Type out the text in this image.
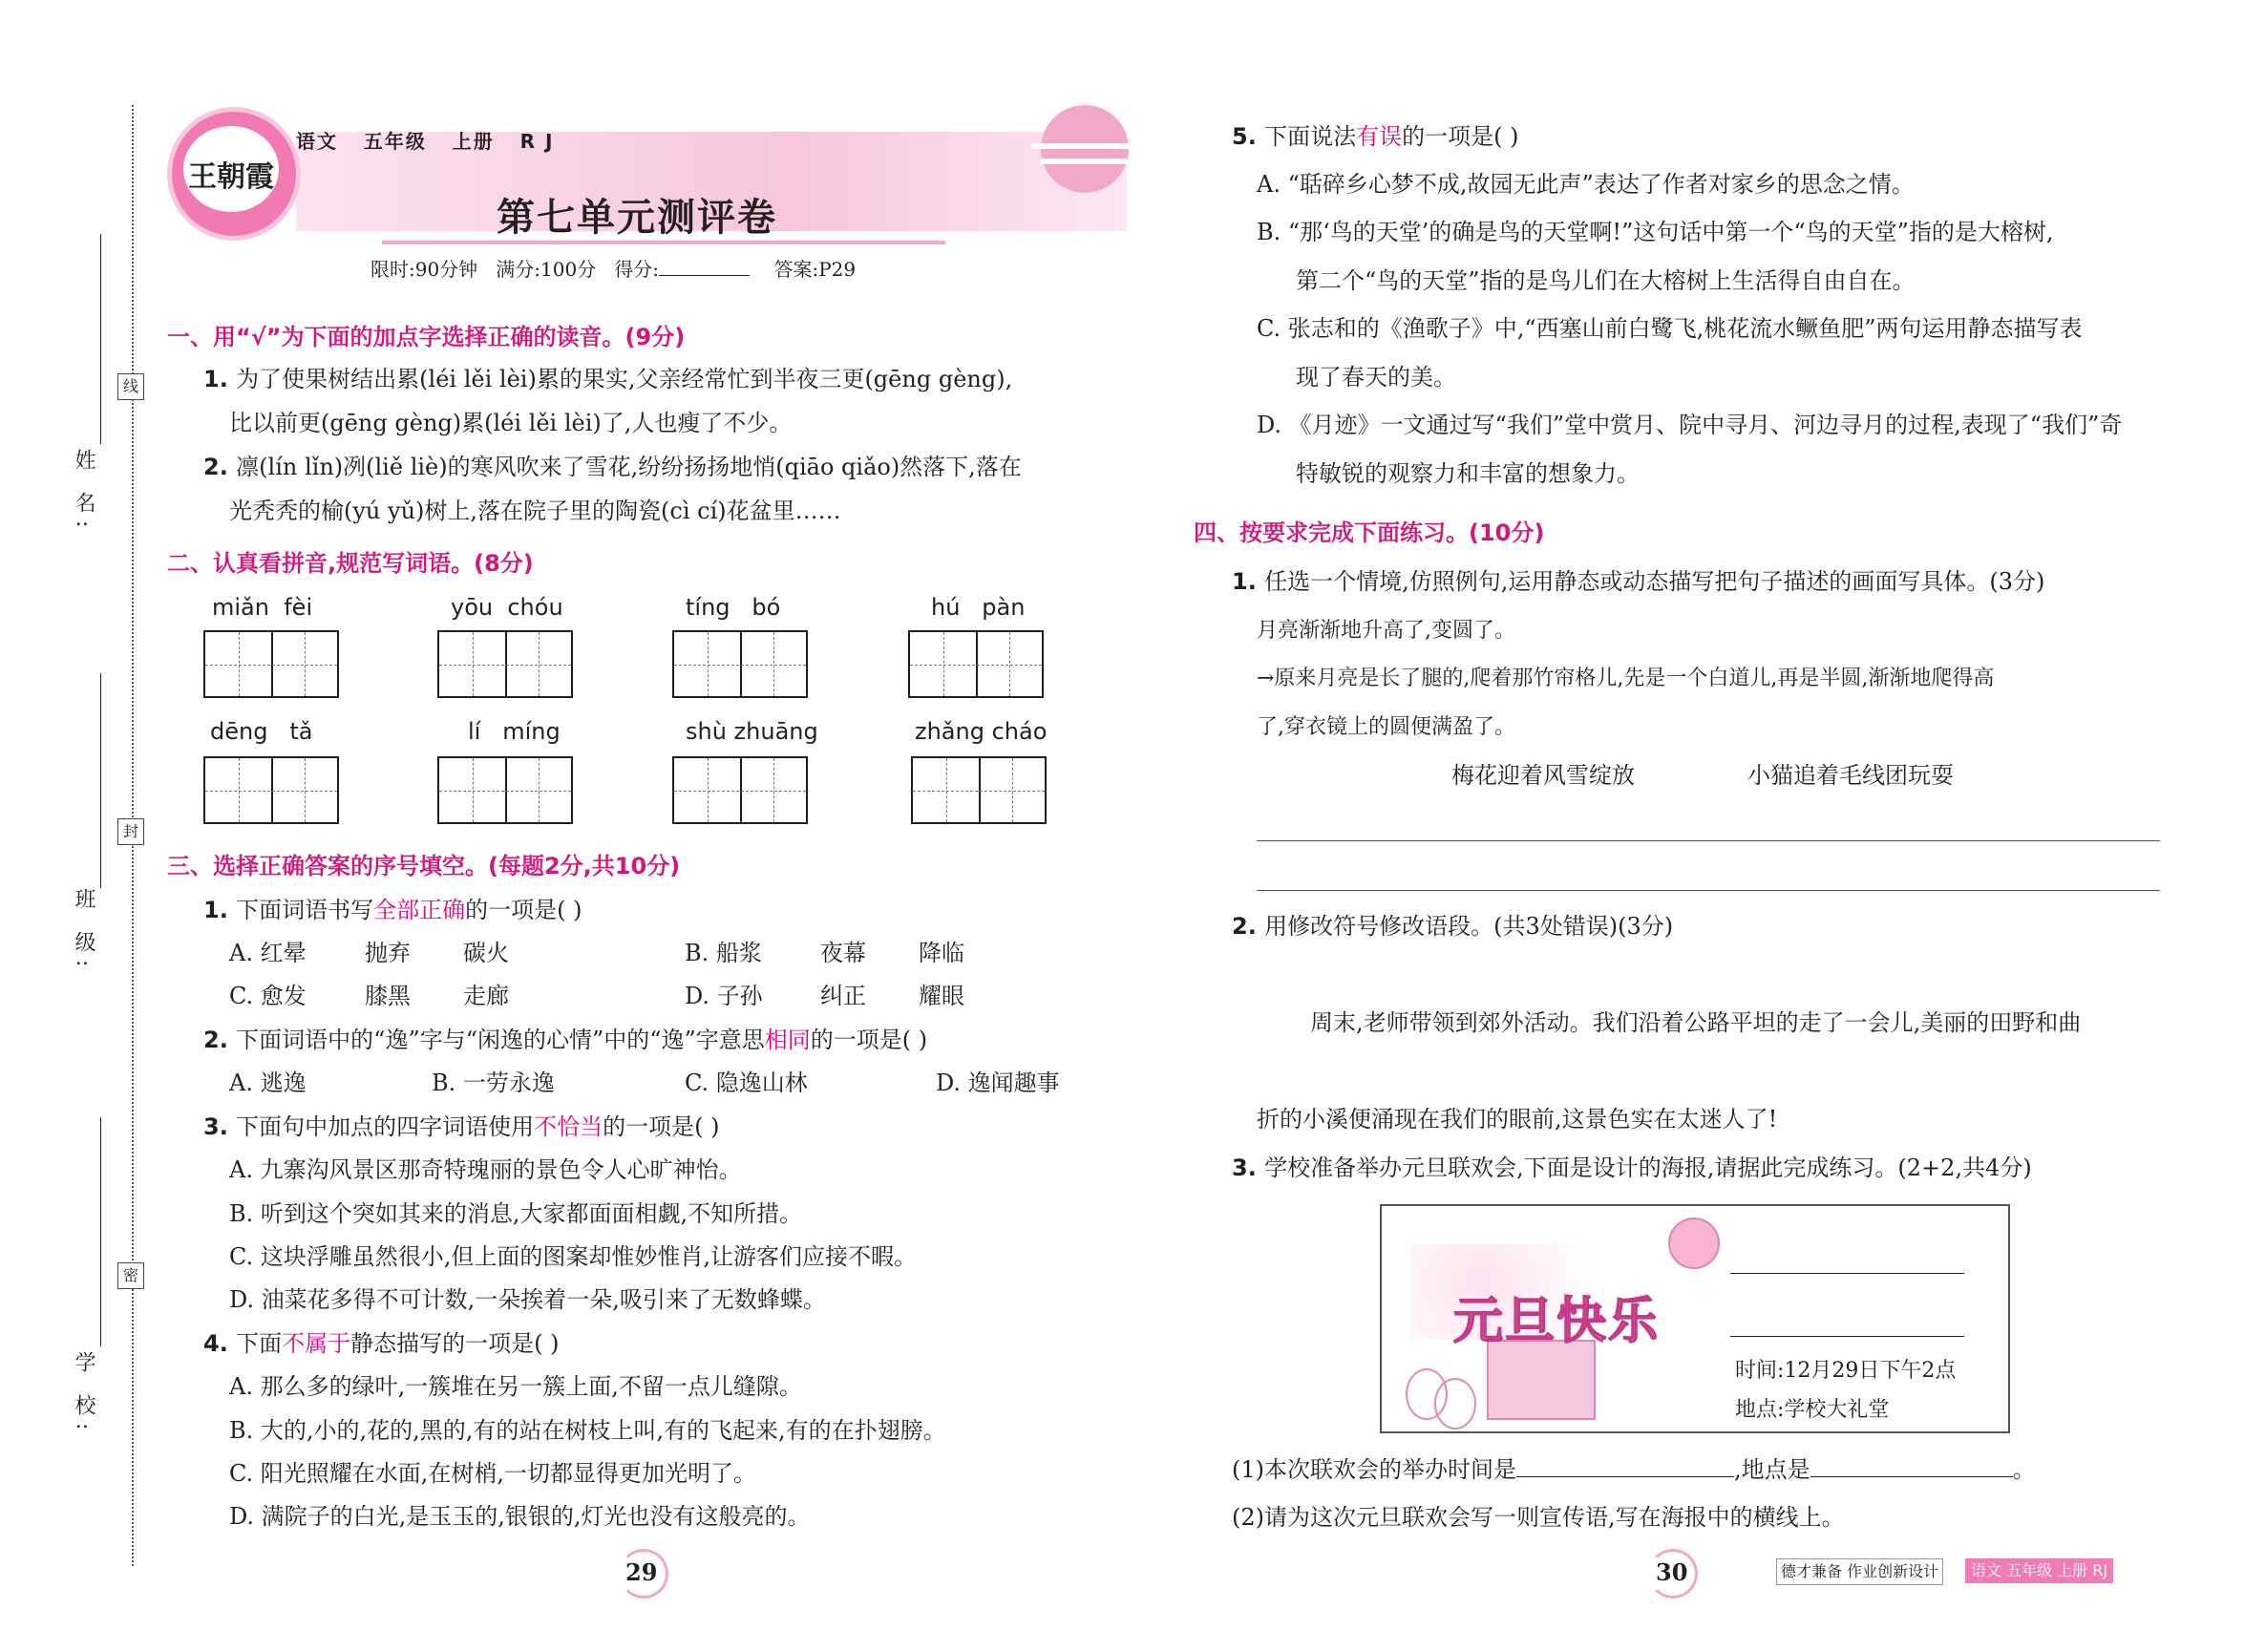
线
封
密
姓 名:
班 级:
学 校:
王朝霞
语文 五年级 上册 R J
第七单元测评卷
限时:90分钟 满分:100分 得分:	答案:P29
一、用“√”为下面的加点字选择正确的读音。(9分)
1. 为了使果树结出累(léi lěi lèi)累的果实,父亲经常忙到半夜三更(gēng gèng),
比以前更(gēng gèng)累(léi lěi lèi)了,人也瘦了不少。
2. 凛(lín lǐn)冽(liě liè)的寒风吹来了雪花,纷纷扬扬地悄(qiāo qiǎo)然落下,落在
光秃秃的榆(yú yǔ)树上,落在院子里的陶瓷(cì cí)花盆里……
二、认真看拼音,规范写词语。(8分)
miǎn  fèi	yōu  chóu	tíng   bó	hú   pàn
dēng   tǎ	lí   míng	shù zhuāng	zhǎng cháo
三、选择正确答案的序号填空。(每题2分,共10分)
1. 下面词语书写全部正确的一项是( )
A. 红晕	抛弃 碳火	B. 船浆	夜幕 降临
C. 愈发	膝黑 走廊	D. 子孙	纠正 耀眼
2. 下面词语中的“逸”字与“闲逸的心情”中的“逸”字意思相同的一项是( )
A. 逃逸	B. 一劳永逸	C. 隐逸山林	D. 逸闻趣事
3. 下面句中加点的四字词语使用不恰当的一项是( )
A. 九寨沟风景区那奇特瑰丽的景色令人心旷神怡。
B. 听到这个突如其来的消息,大家都面面相觑,不知所措。
C. 这块浮雕虽然很小,但上面的图案却惟妙惟肖,让游客们应接不暇。
D. 油菜花多得不可计数,一朵挨着一朵,吸引来了无数蜂蝶。
4. 下面不属于静态描写的一项是( )
A. 那么多的绿叶,一簇堆在另一簇上面,不留一点儿缝隙。
B. 大的,小的,花的,黑的,有的站在树枝上叫,有的飞起来,有的在扑翅膀。
C. 阳光照耀在水面,在树梢,一切都显得更加光明了。
D. 满院子的白光,是玉玉的,银银的,灯光也没有这般亮的。
29
5. 下面说法有误的一项是( )
A. “聒碎乡心梦不成,故园无此声”表达了作者对家乡的思念之情。
B. “那‘鸟的天堂’的确是鸟的天堂啊!”这句话中第一个“鸟的天堂”指的是大榕树,
第二个“鸟的天堂”指的是鸟儿们在大榕树上生活得自由自在。
C. 张志和的《渔歌子》中,“西塞山前白鹭飞,桃花流水鳜鱼肥”两句运用静态描写表
现了春天的美。
D. 《月迹》一文通过写“我们”堂中赏月、院中寻月、河边寻月的过程,表现了“我们”奇
特敏锐的观察力和丰富的想象力。
四、按要求完成下面练习。(10分)
1. 任选一个情境,仿照例句,运用静态或动态描写把句子描述的画面写具体。(3分)
月亮渐渐地升高了,变圆了。
→原来月亮是长了腿的,爬着那竹帘格儿,先是一个白道儿,再是半圆,渐渐地爬得高
了,穿衣镜上的圆便满盈了。
梅花迎着风雪绽放	小猫追着毛线团玩耍
2. 用修改符号修改语段。(共3处错误)(3分)
周末,老师带领到郊外活动。我们沿着公路平坦的走了一会儿,美丽的田野和曲
折的小溪便涌现在我们的眼前,这景色实在太迷人了!
3. 学校准备举办元旦联欢会,下面是设计的海报,请据此完成练习。(2+2,共4分)
元旦快乐
时间:12月29日下午2点
地点:学校大礼堂
(1)本次联欢会的举办时间是	,地点是	。
(2)请为这次元旦联欢会写一则宣传语,写在海报中的横线上。
30	德才兼备 作业创新设计	语文 五年级 上册 RJ
